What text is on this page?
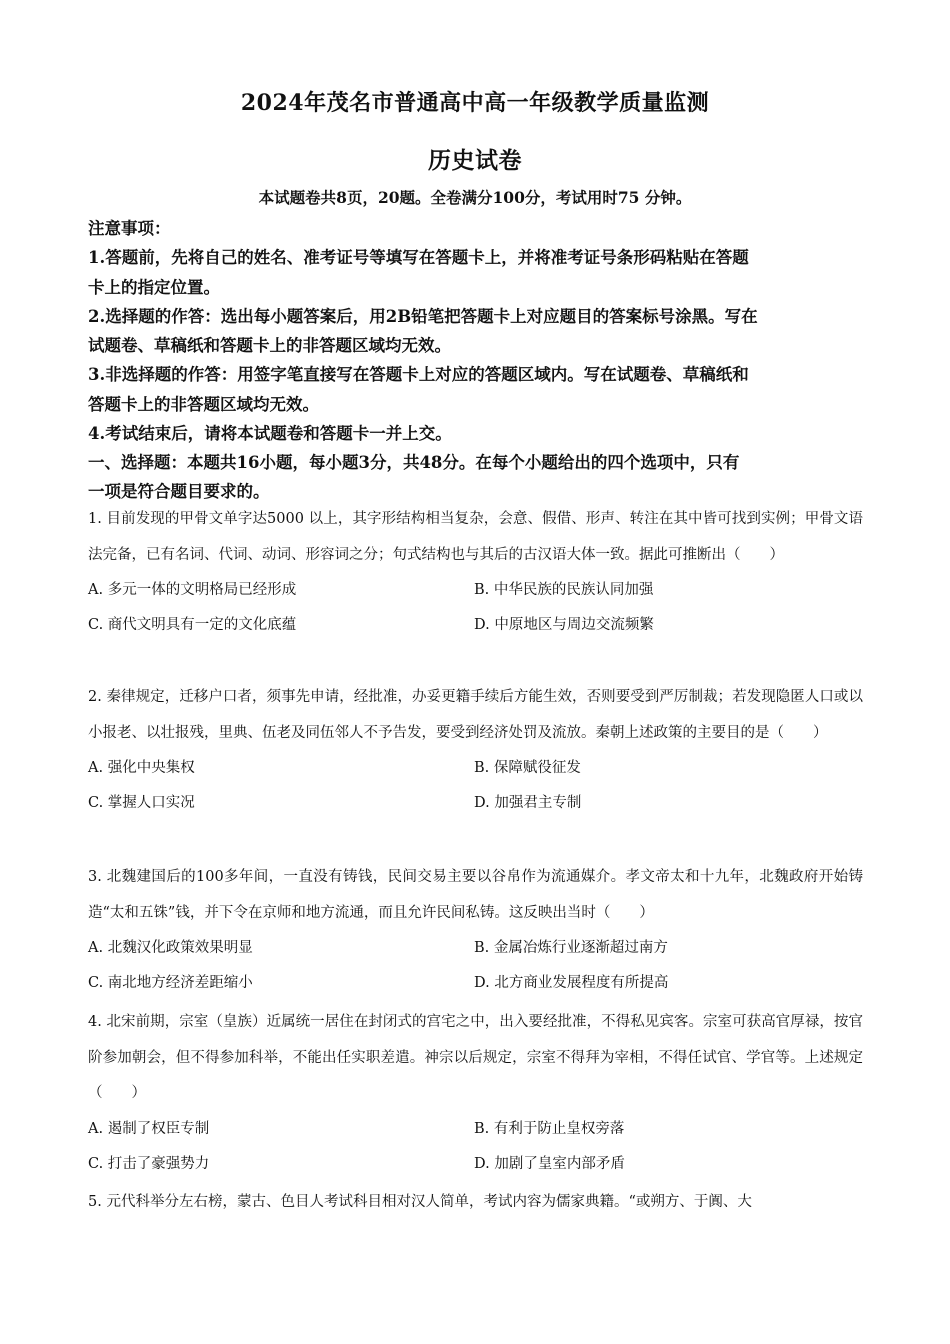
2024年茂名市普通高中高一年级教学质量监测
历史试卷
本试题卷共8页，20题。全卷满分100分，考试用时75 分钟。
注意事项：
1.答题前，先将自己的姓名、准考证号等填写在答题卡上，并将准考证号条形码粘贴在答题
卡上的指定位置。
2.选择题的作答：选出每小题答案后，用2B铅笔把答题卡上对应题目的答案标号涂黑。写在
试题卷、草稿纸和答题卡上的非答题区域均无效。
3.非选择题的作答：用签字笔直接写在答题卡上对应的答题区域内。写在试题卷、草稿纸和
答题卡上的非答题区域均无效。
4.考试结束后，请将本试题卷和答题卡一并上交。
一、选择题：本题共16小题，每小题3分，共48分。在每个小题给出的四个选项中，只有
一项是符合题目要求的。
1. 目前发现的甲骨文单字达5000 以上，其字形结构相当复杂，会意、假借、形声、转注在其中皆可找到实例；甲骨文语法完备，已有名词、代词、动词、形容词之分；句式结构也与其后的古汉语大体一致。据此可推断出（　　）
A. 多元一体的文明格局已经形成	B. 中华民族的民族认同加强
C. 商代文明具有一定的文化底蕴	D. 中原地区与周边交流频繁
2. 秦律规定，迁移户口者，须事先申请，经批准，办妥更籍手续后方能生效，否则要受到严厉制裁；若发现隐匿人口或以小报老、以壮报残，里典、伍老及同伍邻人不予告发，要受到经济处罚及流放。秦朝上述政策的主要目的是（　　）
A. 强化中央集权	B. 保障赋役征发
C. 掌握人口实况	D. 加强君主专制
3. 北魏建国后的100多年间，一直没有铸钱，民间交易主要以谷帛作为流通媒介。孝文帝太和十九年，北魏政府开始铸造“太和五铢”钱，并下令在京师和地方流通，而且允许民间私铸。这反映出当时（　　）
A. 北魏汉化政策效果明显	B. 金属冶炼行业逐渐超过南方
C. 南北地方经济差距缩小	D. 北方商业发展程度有所提高
4. 北宋前期，宗室（皇族）近属统一居住在封闭式的宫宅之中，出入要经批准，不得私见宾客。宗室可获高官厚禄，按官阶参加朝会，但不得参加科举，不能出任实职差遣。神宗以后规定，宗室不得拜为宰相，不得任试官、学官等。上述规定（　　）
A. 遏制了权臣专制	B. 有利于防止皇权旁落
C. 打击了豪强势力	D. 加剧了皇室内部矛盾
5. 元代科举分左右榜，蒙古、色目人考试科目相对汉人简单，考试内容为儒家典籍。“或朔方、于阗、大
